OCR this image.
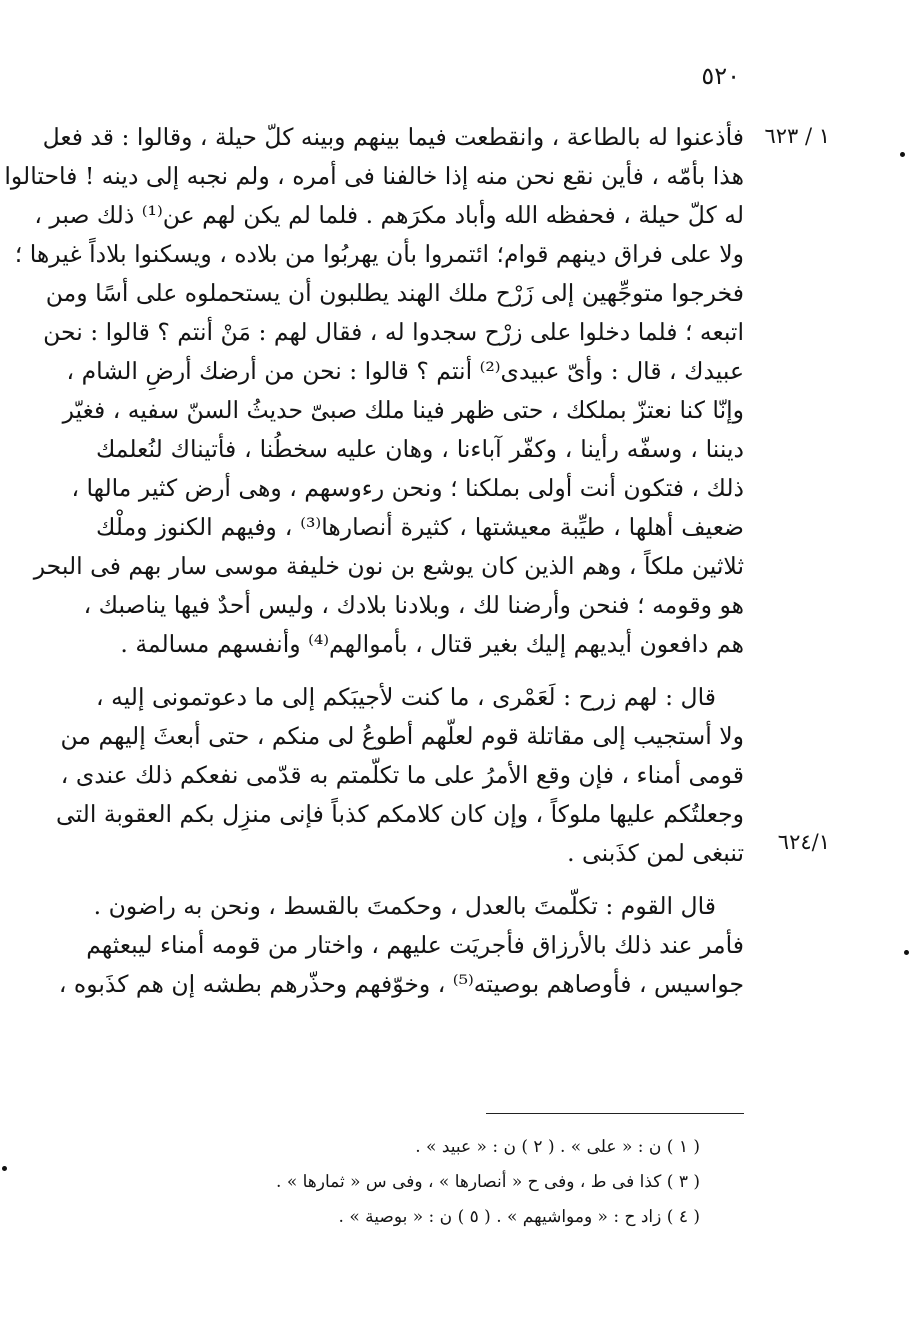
٥٢٠
١ / ٦٢٣
٦٢٤/١

فأذعنوا له بالطاعة ، وانقطعت فيما بينهم وبينه كلّ حيلة ، وقالوا : قد فعل
هذا بأمّه ، فأين نقع نحن منه إذا خالفنا فى أمره ، ولم نجبه إلى دينه ! فاحتالوا
له كلّ حيلة ، فحفظه الله وأباد مكرَهم . فلما لم يكن لهم عن⁽¹⁾ ذلك صبر ،
ولا على فراق دينهم قوام؛ ائتمروا بأن يهربُوا من بلاده ، ويسكنوا بلاداً غيرها ؛
فخرجوا متوجِّهين إلى زَرْح ملك الهند يطلبون أن يستحملوه على أسًا ومن
اتبعه ؛ فلما دخلوا على زرْح سجدوا له ، فقال لهم : مَنْ أنتم ؟ قالوا : نحن
عبيدك ، قال : وأىّ عبيدى⁽²⁾ أنتم ؟ قالوا : نحن من أرضك أرضِ الشام ،
وإنّا كنا نعتزّ بملكك ، حتى ظهر فينا ملك صبىّ حديثُ السنّ سفيه ، فغيّر
ديننا ، وسفّه رأينا ، وكفّر آباءنا ، وهان عليه سخطُنا ، فأتيناك لنُعلمك
ذلك ، فتكون أنت أولى بملكنا ؛ ونحن رءوسهم ، وهى أرض كثير مالها ،
ضعيف أهلها ، طيِّبة معيشتها ، كثيرة أنصارها⁽³⁾ ، وفيهم الكنوز وملْك
ثلاثين ملكاً ، وهم الذين كان يوشع بن نون خليفة موسى سار بهم فى البحر
هو وقومه ؛ فنحن وأرضنا لك ، وبلادنا بلادك ، وليس أحدٌ فيها يناصبك ،
هم دافعون أيديهم إليك بغير قتال ، بأموالهم⁽⁴⁾ وأنفسهم مسالمة .

قال : لهم زرح : لَعَمْرى ، ما كنت لأجيبَكم إلى ما دعوتمونى إليه ،
ولا أستجيب إلى مقاتلة قوم لعلّهم أطوعُ لى منكم ، حتى أبعثَ إليهم من
قومى أمناء ، فإن وقع الأمرُ على ما تكلّمتم به قدّمى نفعكم ذلك عندى ،
وجعلتُكم عليها ملوكاً ، وإن كان كلامكم كذباً فإنى منزِل بكم العقوبة التى
تنبغى لمن كذَبنى .

قال القوم : تكلّمتَ بالعدل ، وحكمتَ بالقسط ، ونحن به راضون .
فأمر عند ذلك بالأرزاق فأجريَت عليهم ، واختار من قومه أمناء ليبعثهم
جواسيس ، فأوصاهم بوصيته⁽⁵⁾ ، وخوّفهم وحذّرهم بطشه إن هم كذَبوه ،

( ١ ) ن : « على » . ( ٢ ) ن : « عبيد » .
( ٣ ) كذا فى ط ، وفى ح « أنصارها » ، وفى س « ثمارها » .
( ٤ ) زاد ح : « ومواشيهم » . ( ٥ ) ن : « بوصية » .
